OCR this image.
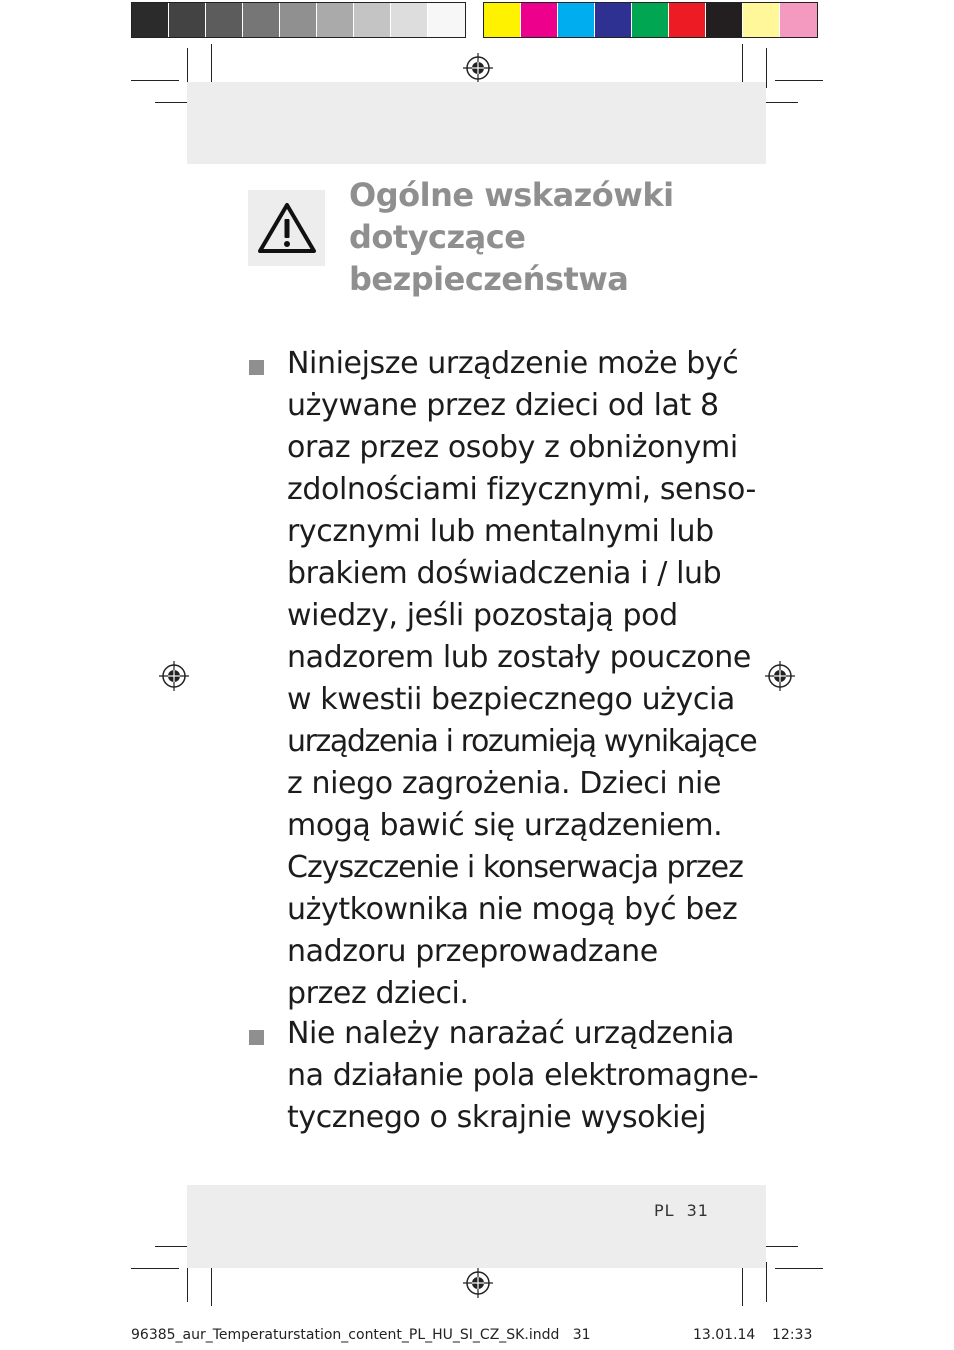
Ogólne wskazówki
dotyczące
bezpieczeństwa
Niniejsze urządzenie może być
używane przez dzieci od lat 8
oraz przez osoby z obniżonymi
zdolnościami fizycznymi, senso-
rycznymi lub mentalnymi lub
brakiem doświadczenia i / lub
wiedzy, jeśli pozostają pod
nadzorem lub zostały pouczone
w kwestii bezpiecznego użycia
urządzenia i rozumieją wynikające
z niego zagrożenia. Dzieci nie
mogą bawić się urządzeniem.
Czyszczenie i konserwacja przez
użytkownika nie mogą być bez
nadzoru przeprowadzane
przez dzieci.
Nie należy narażać urządzenia
na działanie pola elektromagne-
tycznego o skrajnie wysokiej
PL 31
96385_aur_Temperaturstation_content_PL_HU_SI_CZ_SK.indd   31	13.01.14 12:33
